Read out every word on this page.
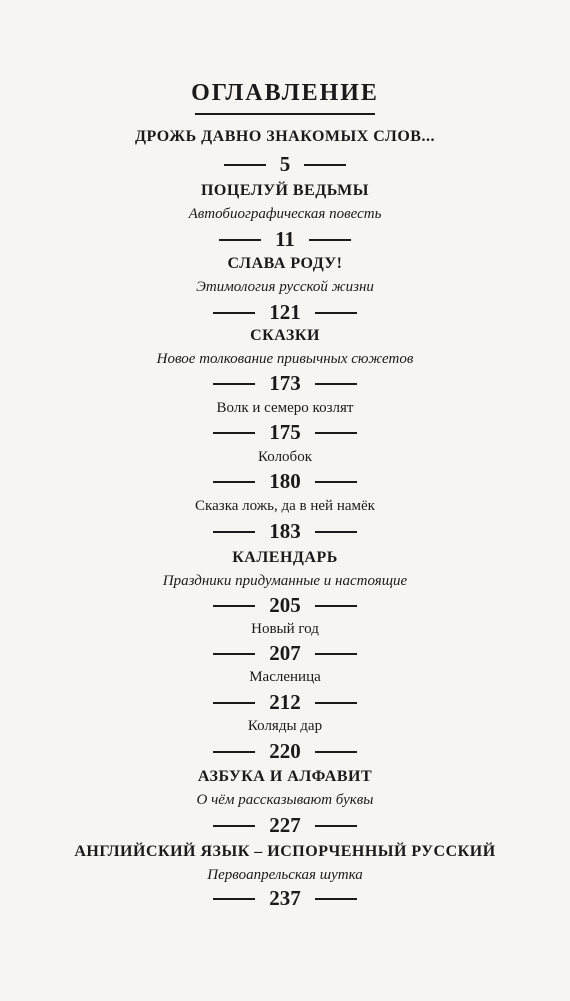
ОГЛАВЛЕНИЕ
ДРОЖЬ ДАВНО ЗНАКОМЫХ СЛОВ...
5
ПОЦЕЛУЙ ВЕДЬМЫ
Автобиографическая повесть
11
СЛАВА РОДУ!
Этимология русской жизни
121
СКАЗКИ
Новое толкование привычных сюжетов
173
Волк и семеро козлят
175
Колобок
180
Сказка ложь, да в ней намёк
183
КАЛЕНДАРЬ
Праздники придуманные и настоящие
205
Новый год
207
Масленица
212
Коляды дар
220
АЗБУКА И АЛФАВИТ
О чём рассказывают буквы
227
АНГЛИЙСКИЙ ЯЗЫК – ИСПОРЧЕННЫЙ РУССКИЙ
Первоапрельская шутка
237
